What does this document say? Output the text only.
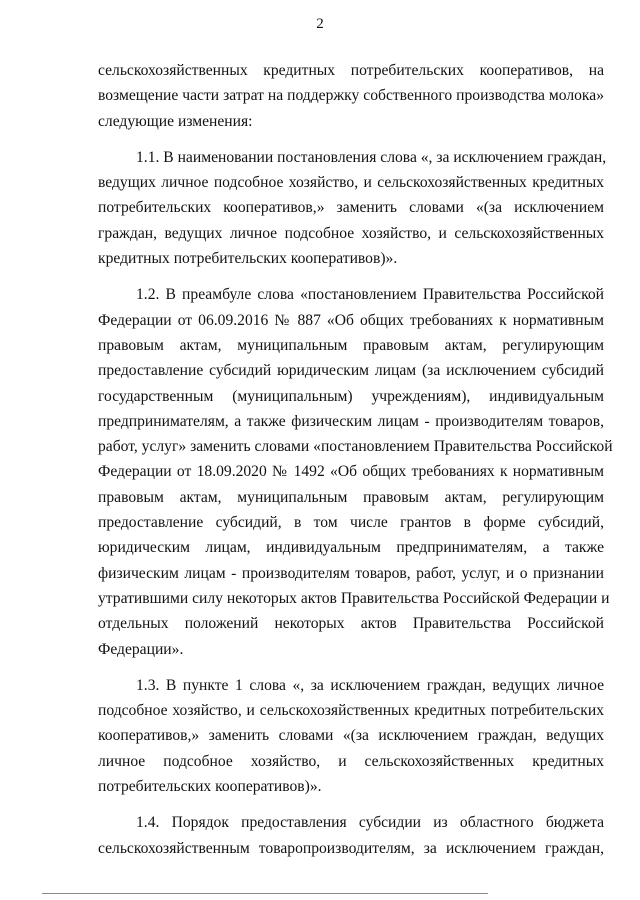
2
сельскохозяйственных кредитных потребительских кооперативов, на
возмещение части затрат на поддержку собственного производства молока»
следующие изменения:
1.1. В наименовании постановления слова «, за исключением граждан,
ведущих личное подсобное хозяйство, и сельскохозяйственных кредитных
потребительских кооперативов,» заменить словами «(за исключением
граждан, ведущих личное подсобное хозяйство, и сельскохозяйственных
кредитных потребительских кооперативов)».
1.2. В преамбуле слова «постановлением Правительства Российской
Федерации от 06.09.2016 № 887 «Об общих требованиях к нормативным
правовым актам, муниципальным правовым актам, регулирующим
предоставление субсидий юридическим лицам (за исключением субсидий
государственным (муниципальным) учреждениям), индивидуальным
предпринимателям, а также физическим лицам - производителям товаров,
работ, услуг» заменить словами «постановлением Правительства Российской
Федерации от 18.09.2020 № 1492 «Об общих требованиях к нормативным
правовым актам, муниципальным правовым актам, регулирующим
предоставление субсидий, в том числе грантов в форме субсидий,
юридическим лицам, индивидуальным предпринимателям, а также
физическим лицам - производителям товаров, работ, услуг, и о признании
утратившими силу некоторых актов Правительства Российской Федерации и
отдельных положений некоторых актов Правительства Российской
Федерации».
1.3. В пункте 1 слова «, за исключением граждан, ведущих личное
подсобное хозяйство, и сельскохозяйственных кредитных потребительских
кооперативов,» заменить словами «(за исключением граждан, ведущих
личное подсобное хозяйство, и сельскохозяйственных кредитных
потребительских кооперативов)».
1.4. Порядок предоставления субсидии из областного бюджета
сельскохозяйственным товаропроизводителям, за исключением граждан,
